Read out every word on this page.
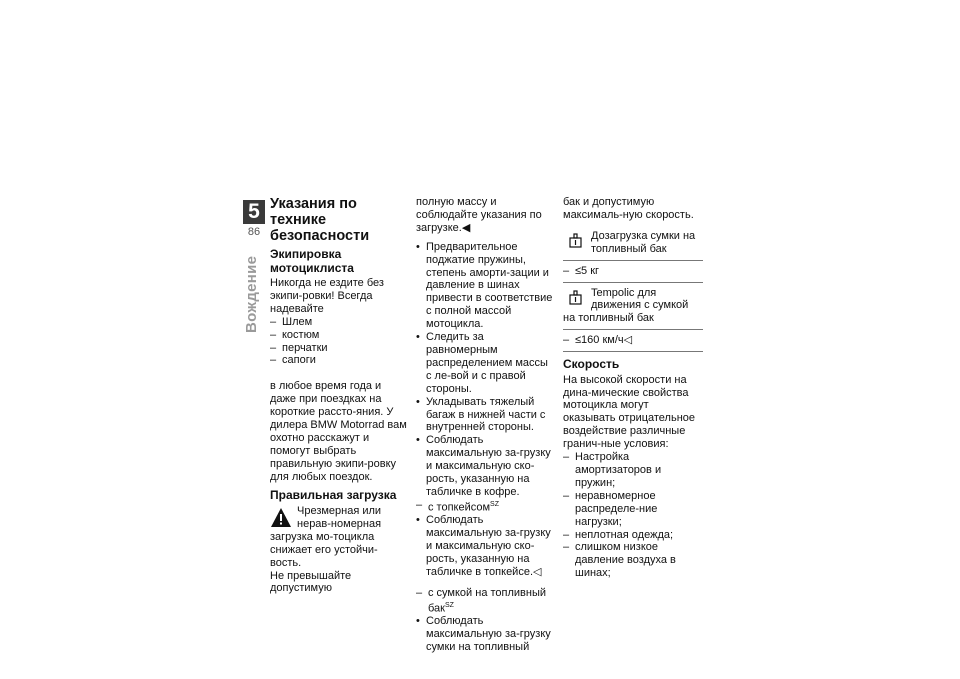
5
86
Вождение
Указания по технике безопасности
Экипировка мотоциклиста

Никогда не ездите без экипи-ровки! Всегда надевайте

– Шлем
– костюм
– перчатки
– сапоги

в любое время года и даже при поездках на короткие рассто-яния. У дилера BMW Motorrad вам охотно расскажут и помогут выбрать правильную экипи-ровку для любых поездок.

Правильная загрузка

Чрезмерная или нерав-номерная загрузка мо-тоцикла снижает его устойчи-вость.

Не превышайте допустимую

полную массу и соблюдайте указания по загрузке.◀

• Предварительное поджатие пружины, степень аморти-зации и давление в шинах привести в соответствие с полной массой мотоцикла.
• Следить за равномерным распределением массы с ле-вой и с правой стороны.
• Укладывать тяжелый багаж в нижней части с внутренней стороны.
• Соблюдать максимальную за-грузку и максимальную ско-рость, указанную на табличке в кофре.
– с топкейсом$^{SZ}$
• Соблюдать максимальную за-грузку и максимальную ско-рость, указанную на табличке в топкейсе.◁
– с сумкой на топливный бак$^{SZ}$
• Соблюдать максимальную за-грузку сумки на топливный

бак и допустимую максималь-ную скорость.

Дозагрузка сумки на топливный бак

– ≤5 кг

Tempolic для движения с сумкой на топливный бак

– ≤160 км/ч◁
Скорость

На высокой скорости на дина-мические свойства мотоцикла могут оказывать отрицательное воздействие различные гранич-ные условия:

– Настройка амортизаторов и пружин;
– неравномерное распределе-ние нагрузки;
– неплотная одежда;
– слишком низкое давление воздуха в шинах;
